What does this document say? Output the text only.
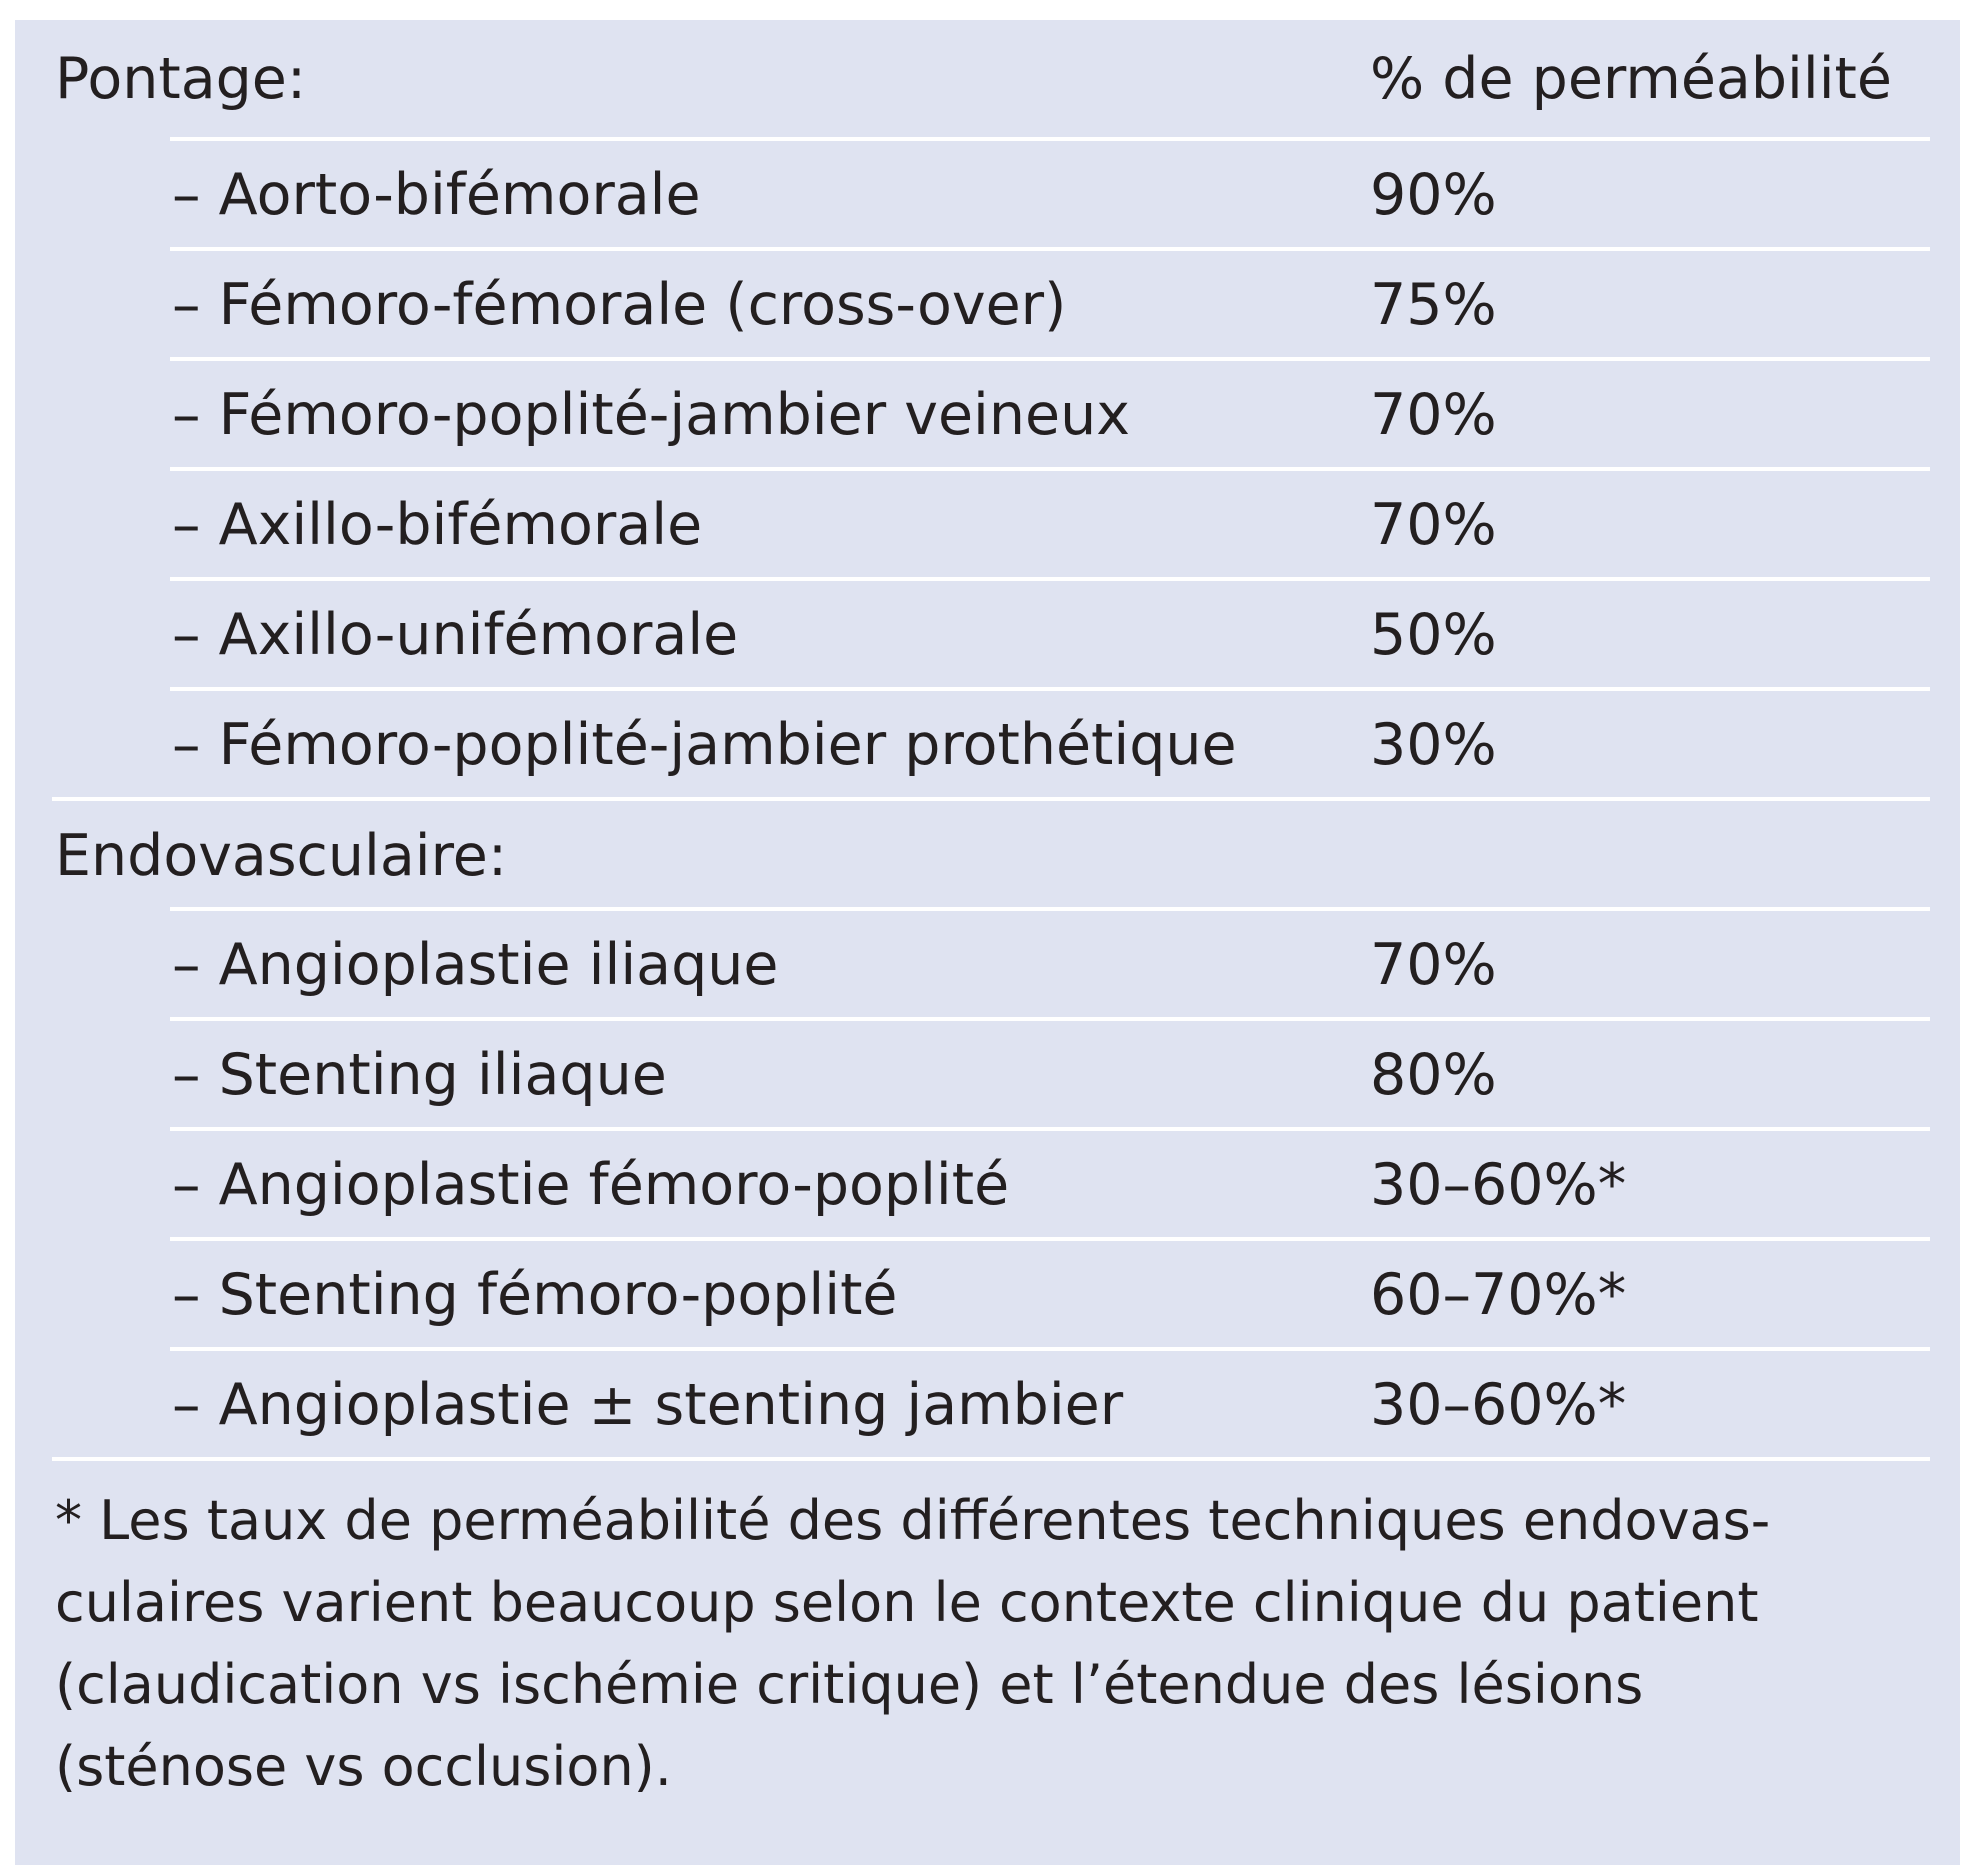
Pontage:	% de perméabilité
– Aorto-bifémorale	90%
– Fémoro-fémorale (cross-over)	75%
– Fémoro-poplité-jambier veineux	70%
– Axillo-bifémorale	70%
– Axillo-unifémorale	50%
– Fémoro-poplité-jambier prothétique 30%
Endovasculaire:
– Angioplastie iliaque	70%
– Stenting iliaque	80%
– Angioplastie fémoro-poplité	30–60%*
– Stenting fémoro-poplité	60–70%*
– Angioplastie ± stenting jambier	30–60%*

* Les taux de perméabilité des différentes techniques endovas-

culaires varient beaucoup selon le contexte clinique du patient

(claudication vs ischémie critique) et l’étendue des lésions

(sténose vs occlusion).
